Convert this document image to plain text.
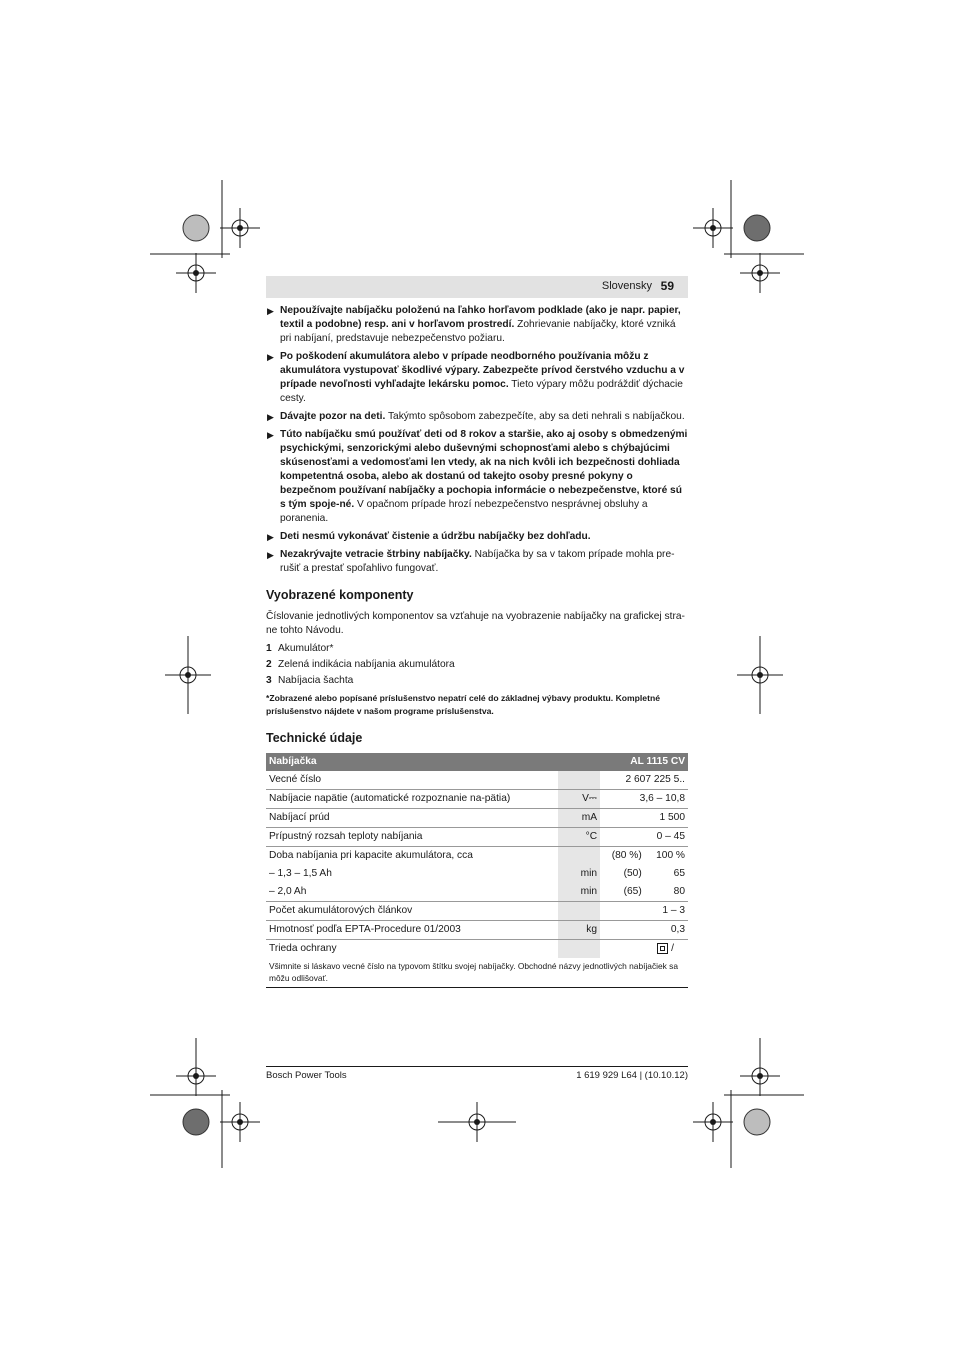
Slovensky 59
▶ Nepoužívajte nabíjačku položenú na ľahko horľavom podklade (ako je napr. papier, textil a podobne) resp. ani v horľavom prostredí. Zohrievanie nabíjačky, ktoré vzniká pri nabíjaní, predstavuje nebezpečenstvo požiaru.
▶ Po poškodení akumulátora alebo v prípade neodborného používania môžu z akumulátora vystupovať škodlivé výpary. Zabezpečte prívod čerstvého vzduchu a v prípade nevoľnosti vyhľadajte lekársku pomoc. Tieto výpary môžu podráždiť dýchacie cesty.
▶ Dávajte pozor na deti. Takýmto spôsobom zabezpečíte, aby sa deti nehrali s nabíjačkou.
▶ Túto nabíjačku smú používať deti od 8 rokov a staršie, ako aj osoby s obmedzenými psychickými, senzorickými alebo duševnými schopnosťami alebo s chýbajúcimi skúsenosťami a vedomosťami len vtedy, ak na nich kvôli ich bezpečnosti dohliada kompetentná osoba, alebo ak dostanú od takejto osoby presné pokyny o bezpečnom používaní nabíjačky a pochopia informácie o nebezpečenstve, ktoré sú s tým spoje-né. V opačnom prípade hrozí nebezpečenstvo nesprávnej obsluhy a poranenia.
▶ Deti nesmú vykonávať čistenie a údržbu nabíjačky bez dohľadu.
▶ Nezakrývajte vetracie štrbiny nabíjačky. Nabíjačka by sa v takom prípade mohla pre-rušiť a prestať spoľahlivo fungovať.
Vyobrazené komponenty

Číslovanie jednotlivých komponentov sa vzťahuje na vyobrazenie nabíjačky na grafickej stra-ne tohto Návodu.

1 Akumulátor*
2 Zelená indikácia nabíjania akumulátora
3 Nabíjacia šachta
*Zobrazené alebo popísané príslušenstvo nepatrí celé do základnej výbavy produktu. Kompletné príslušenstvo nájdete v našom programe príslušenstva.
Technické údaje
Nabíjačka		AL 1115 CV	
Vecné číslo		2 607 225 5..	
Nabíjacie napätie (automatické rozpoznanie na-pätia)	V⎓	3,6 – 10,8	
Nabíjací prúd	mA	1 500	
Prípustný rozsah teploty nabíjania	°C	0 – 45	
Doba nabíjania pri kapacite akumulátora, cca		(80 %)	100 %
– 1,3 – 1,5 Ah	min	(50)	65
– 2,0 Ah	min	(65)	80
Počet akumulátorových článkov		1 – 3	
Hmotnosť podľa EPTA-Procedure 01/2003	kg	0,3	
Trieda ochrany		/	
Všimnite si láskavo vecné číslo na typovom štítku svojej nabíjačky. Obchodné názvy jednotlivých nabíjačiek sa môžu odlišovať.			
Bosch Power Tools	1 619 929 L64 | (10.10.12)
